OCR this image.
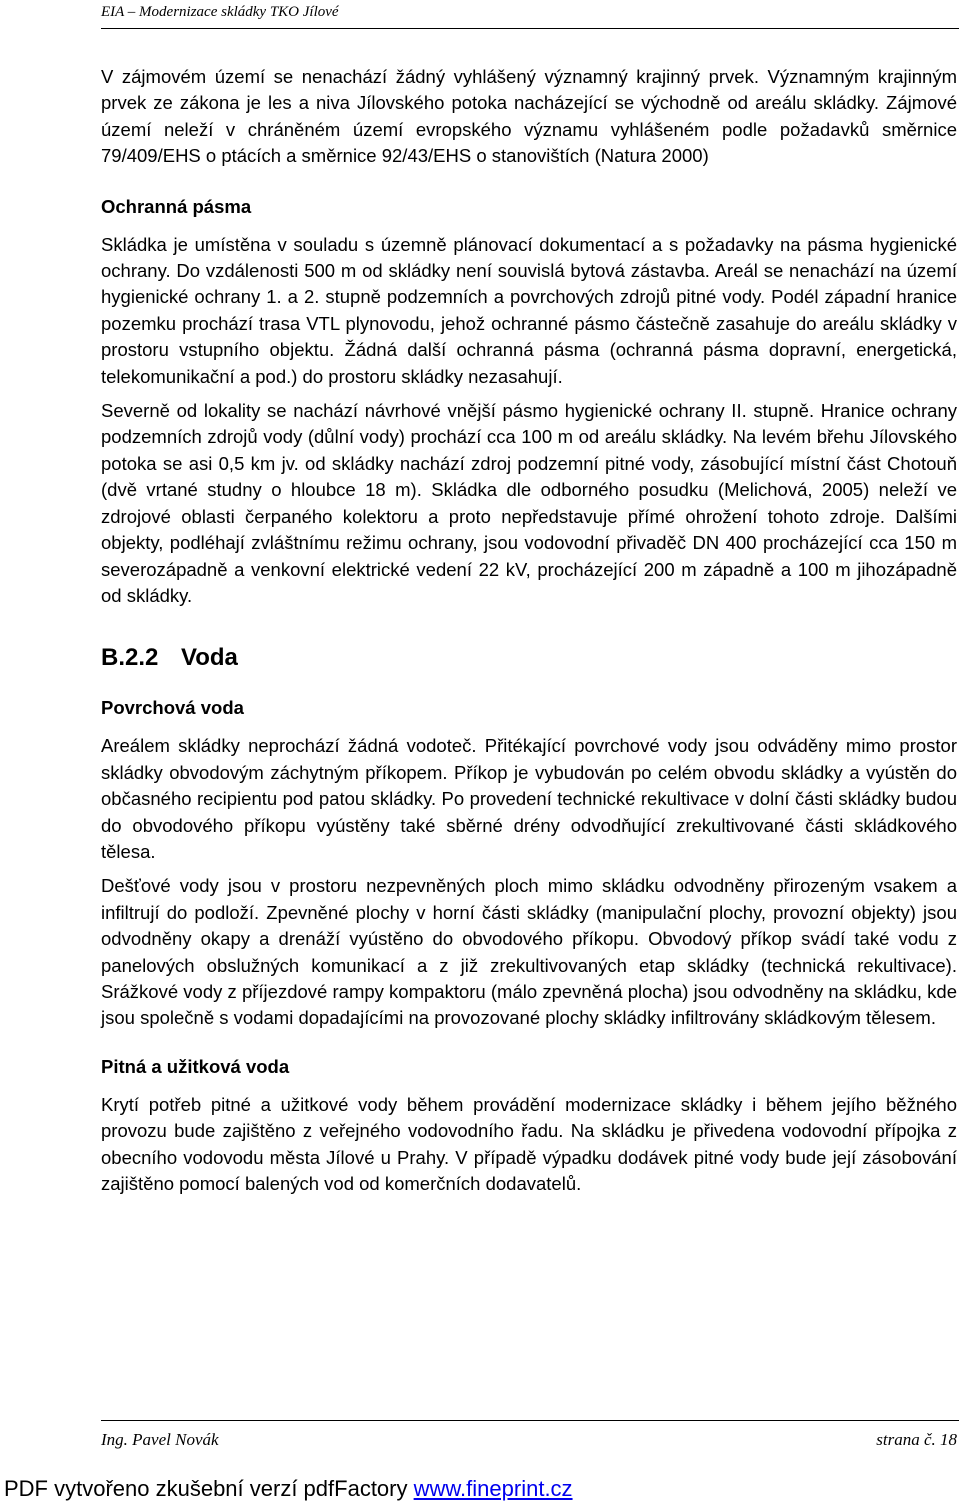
EIA – Modernizace skládky TKO Jílové

V zájmovém území se nenachází žádný vyhlášený významný krajinný prvek. Významným krajinným prvek ze zákona je les a niva Jílovského potoka nacházející se východně od areálu skládky. Zájmové území neleží v chráněném území evropského významu vyhlášeném podle požadavků směrnice 79/409/EHS o ptácích a směrnice 92/43/EHS o stanovištích (Natura 2000)

Ochranná pásma

Skládka je umístěna v souladu s územně plánovací dokumentací a s požadavky na pásma hygienické ochrany. Do vzdálenosti 500 m od skládky není souvislá bytová zástavba. Areál se nenachází na území hygienické ochrany 1. a 2. stupně podzemních a povrchových zdrojů pitné vody. Podél západní hranice pozemku prochází trasa VTL plynovodu, jehož ochranné pásmo částečně zasahuje do areálu skládky v prostoru vstupního objektu. Žádná další ochranná pásma (ochranná pásma dopravní, energetická, telekomunikační a pod.) do prostoru skládky nezasahují.

Severně od lokality se nachází návrhové vnější pásmo hygienické ochrany II. stupně. Hranice ochrany podzemních zdrojů vody (důlní vody) prochází cca 100 m od areálu skládky. Na levém břehu Jílovského potoka se asi 0,5 km jv. od skládky nachází zdroj podzemní pitné vody, zásobující místní část Chotouň (dvě vrtané studny o hloubce 18 m). Skládka dle odborného posudku (Melichová, 2005) neleží ve zdrojové oblasti čerpaného kolektoru a proto nepředstavuje přímé ohrožení tohoto zdroje. Dalšími objekty, podléhají zvláštnímu režimu ochrany, jsou vodovodní přivaděč DN 400 procházející cca 150 m severozápadně a venkovní elektrické vedení 22 kV, procházející 200 m západně a 100 m jihozápadně od skládky.

B.2.2 Voda
Povrchová voda

Areálem skládky neprochází žádná vodoteč. Přitékající povrchové vody jsou odváděny mimo prostor skládky obvodovým záchytným příkopem. Příkop je vybudován po celém obvodu skládky a vyústěn do občasného recipientu pod patou skládky. Po provedení technické rekultivace v dolní části skládky budou do obvodového příkopu vyústěny také sběrné drény odvodňující zrekultivované části skládkového tělesa.

Dešťové vody jsou v prostoru nezpevněných ploch mimo skládku odvodněny přirozeným vsakem a infiltrují do podloží. Zpevněné plochy v horní části skládky (manipulační plochy, provozní objekty) jsou odvodněny okapy a drenáží vyústěno do obvodového příkopu. Obvodový příkop svádí také vodu z panelových obslužných komunikací a z již zrekultivovaných etap skládky (technická rekultivace). Srážkové vody z příjezdové rampy kompaktoru (málo zpevněná plocha) jsou odvodněny na skládku, kde jsou společně s vodami dopadajícími na provozované plochy skládky infiltrovány skládkovým tělesem.

Pitná a užitková voda

Krytí potřeb pitné a užitkové vody během provádění modernizace skládky i během jejího běžného provozu bude zajištěno z veřejného vodovodního řadu. Na skládku je přivedena vodovodní přípojka z obecního vodovodu města Jílové u Prahy. V případě výpadku dodávek pitné vody bude její zásobování zajištěno pomocí balených vod od komerčních dodavatelů.

Ing. Pavel Novák	strana č. 18
PDF vytvořeno zkušební verzí pdfFactory www.fineprint.cz
